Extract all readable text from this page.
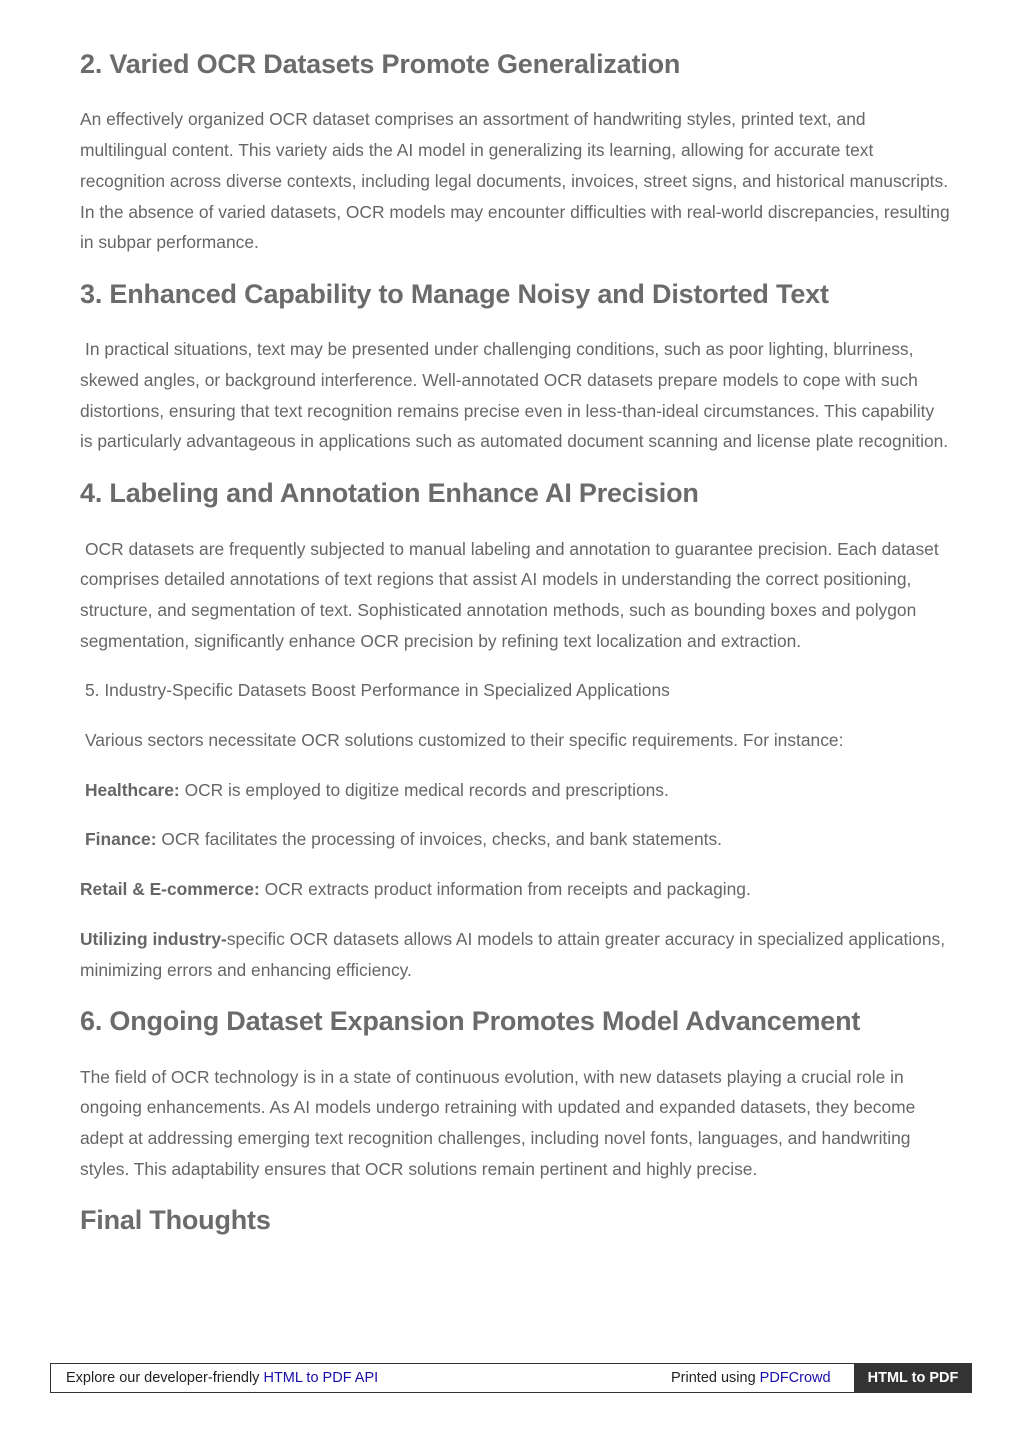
2. Varied OCR Datasets Promote Generalization

An effectively organized OCR dataset comprises an assortment of handwriting styles, printed text, and multilingual content. This variety aids the AI model in generalizing its learning, allowing for accurate text recognition across diverse contexts, including legal documents, invoices, street signs, and historical manuscripts. In the absence of varied datasets, OCR models may encounter difficulties with real-world discrepancies, resulting in subpar performance.

3. Enhanced Capability to Manage Noisy and Distorted Text

In practical situations, text may be presented under challenging conditions, such as poor lighting, blurriness, skewed angles, or background interference. Well-annotated OCR datasets prepare models to cope with such distortions, ensuring that text recognition remains precise even in less-than-ideal circumstances. This capability is particularly advantageous in applications such as automated document scanning and license plate recognition.

4. Labeling and Annotation Enhance AI Precision

OCR datasets are frequently subjected to manual labeling and annotation to guarantee precision. Each dataset comprises detailed annotations of text regions that assist AI models in understanding the correct positioning, structure, and segmentation of text. Sophisticated annotation methods, such as bounding boxes and polygon segmentation, significantly enhance OCR precision by refining text localization and extraction.

5. Industry-Specific Datasets Boost Performance in Specialized Applications

Various sectors necessitate OCR solutions customized to their specific requirements. For instance:

Healthcare: OCR is employed to digitize medical records and prescriptions.

Finance: OCR facilitates the processing of invoices, checks, and bank statements.

Retail & E-commerce: OCR extracts product information from receipts and packaging.

Utilizing industry-specific OCR datasets allows AI models to attain greater accuracy in specialized applications, minimizing errors and enhancing efficiency.

6. Ongoing Dataset Expansion Promotes Model Advancement

The field of OCR technology is in a state of continuous evolution, with new datasets playing a crucial role in ongoing enhancements. As AI models undergo retraining with updated and expanded datasets, they become adept at addressing emerging text recognition challenges, including novel fonts, languages, and handwriting styles. This adaptability ensures that OCR solutions remain pertinent and highly precise.

Final Thoughts
Explore our developer-friendly HTML to PDF API	Printed using PDFCrowd	HTML to PDF
